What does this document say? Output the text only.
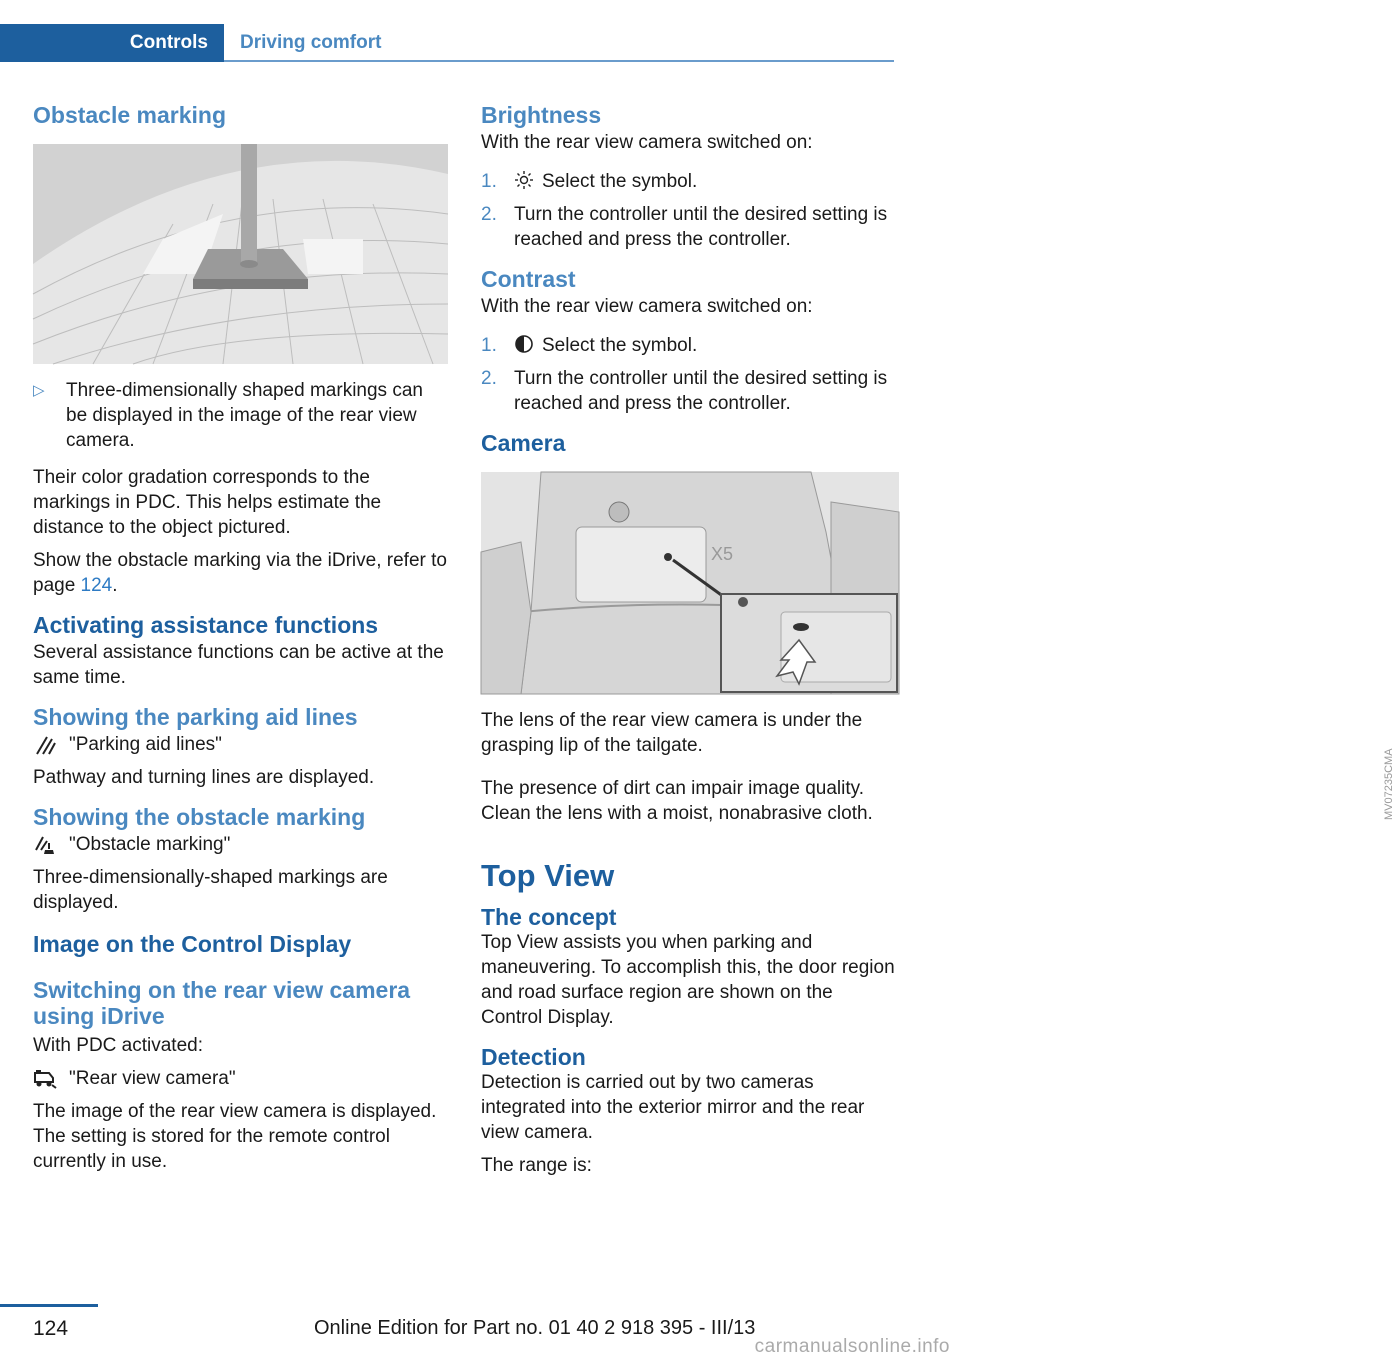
Controls	Driving comfort
Obstacle marking
▷ Three-dimensionally shaped markings can be displayed in the image of the rear view camera.

Their color gradation corresponds to the markings in PDC. This helps estimate the distance to the object pictured.

Show the obstacle marking via the iDrive, refer to page 124.

Activating assistance functions

Several assistance functions can be active at the same time.

Showing the parking aid lines
"Parking aid lines"

Pathway and turning lines are displayed.

Showing the obstacle marking
"Obstacle marking"

Three-dimensionally-shaped markings are displayed.

Image on the Control Display
Switching on the rear view camera using iDrive

With PDC activated:

"Rear view camera"

The image of the rear view camera is displayed. The setting is stored for the remote control currently in use.

Brightness

With the rear view camera switched on:

1. Select the symbol.
2. Turn the controller until the desired setting is reached and press the controller.
Contrast

With the rear view camera switched on:

1. Select the symbol.
2. Turn the controller until the desired setting is reached and press the controller.
Camera
X5
MV07235CMA

The lens of the rear view camera is under the grasping lip of the tailgate.

The presence of dirt can impair image quality. Clean the lens with a moist, nonabrasive cloth.

Top View
The concept

Top View assists you when parking and maneuvering. To accomplish this, the door region and road surface region are shown on the Control Display.

Detection

Detection is carried out by two cameras integrated into the exterior mirror and the rear view camera.

The range is:

124	Online Edition for Part no. 01 40 2 918 395 - III/13
carmanualsonline.info
